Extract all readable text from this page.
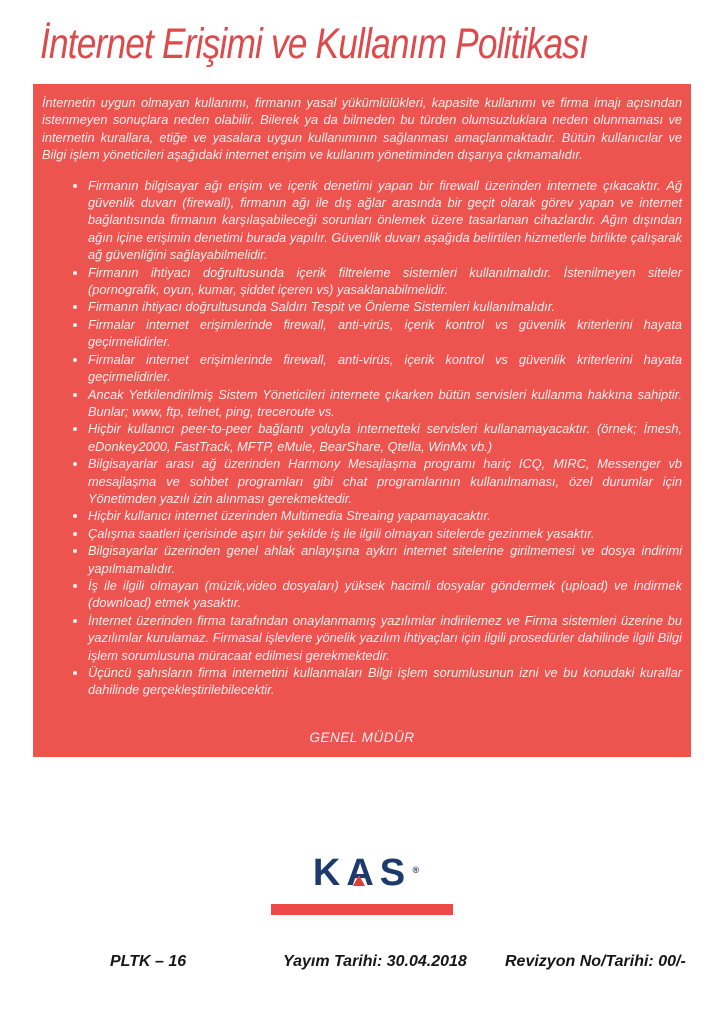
İnternet Erişimi ve Kullanım Politikası

İnternetin uygun olmayan kullanımı, firmanın yasal yükümlülükleri, kapasite kullanımı ve firma imajı açısından istenmeyen sonuçlara neden olabilir. Bilerek ya da bilmeden bu türden olumsuzluklara neden olunmaması ve internetin kurallara, etiğe ve yasalara uygun kullanımının sağlanması amaçlanmaktadır. Bütün kullanıcılar ve Bilgi işlem yöneticileri aşağıdaki internet erişim ve kullanım yönetiminden dışarıya çıkmamalıdır.

• Firmanın bilgisayar ağı erişim ve içerik denetimi yapan bir firewall üzerinden internete çıkacaktır. Ağ güvenlik duvarı (firewall), firmanın ağı ile dış ağlar arasında bir geçit olarak görev yapan ve internet bağlantısında firmanın karşılaşabileceği sorunları önlemek üzere tasarlanan cihazlardır. Ağın dışından ağın içine erişimin denetimi burada yapılır. Güvenlik duvarı aşağıda belirtilen hizmetlerle birlikte çalışarak ağ güvenliğini sağlayabilmelidir.
• Firmanın ihtiyacı doğrultusunda içerik filtreleme sistemleri kullanılmalıdır. İstenilmeyen siteler (pornografik, oyun, kumar, şiddet içeren vs) yasaklanabilmelidir.
• Firmanın ihtiyacı doğrultusunda Saldırı Tespit ve Önleme Sistemleri kullanılmalıdır.
• Firmalar internet erişimlerinde firewall, anti-virüs, içerik kontrol vs güvenlik kriterlerini hayata geçirmelidirler.
• Firmalar internet erişimlerinde firewall, anti-virüs, içerik kontrol vs güvenlik kriterlerini hayata geçirmelidirler.
• Ancak Yetkilendirilmiş Sistem Yöneticileri internete çıkarken bütün servisleri kullanma hakkına sahiptir. Bunlar; www, ftp, telnet, ping, treceroute vs.
• Hiçbir kullanıcı peer-to-peer bağlantı yoluyla internetteki servisleri kullanamayacaktır. (örnek; İmesh, eDonkey2000, FastTrack, MFTP, eMule, BearShare, Qtella, WinMx vb.)
• Bilgisayarlar arası ağ üzerinden Harmony Mesajlaşma programı hariç ICQ, MIRC, Messenger vb mesajlaşma ve sohbet programları gibi chat programlarının kullanılmaması, özel durumlar için Yönetimden yazılı izin alınması gerekmektedir.
• Hiçbir kullanıcı internet üzerinden Multimedia Streaing yapamayacaktır.
• Çalışma saatleri içerisinde aşırı bir şekilde iş ile ilgili olmayan sitelerde gezinmek yasaktır.
• Bilgisayarlar üzerinden genel ahlak anlayışına aykırı internet sitelerine girilmemesi ve dosya indirimi yapılmamalıdır.
• İş ile ilgili olmayan (müzik,video dosyaları) yüksek hacimli dosyalar göndermek (upload) ve indirmek (download) etmek yasaktır.
• İnternet üzerinden firma tarafından onaylanmamış yazılımlar indirilemez ve Firma sistemleri üzerine bu yazılımlar kurulamaz. Firmasal işlevlere yönelik yazılım ihtiyaçları için ilgili prosedürler dahilinde ilgili Bilgi işlem sorumlusuna müracaat edilmesi gerekmektedir.
• Üçüncü şahısların firma internetini kullanmaları Bilgi işlem sorumlusunun izni ve bu konudaki kurallar dahilinde gerçekleştirilebilecektir.

GENEL MÜDÜR

KAS ®
PLTK – 16	Yayım Tarihi: 30.04.2018 Revizyon No/Tarihi: 00/-
